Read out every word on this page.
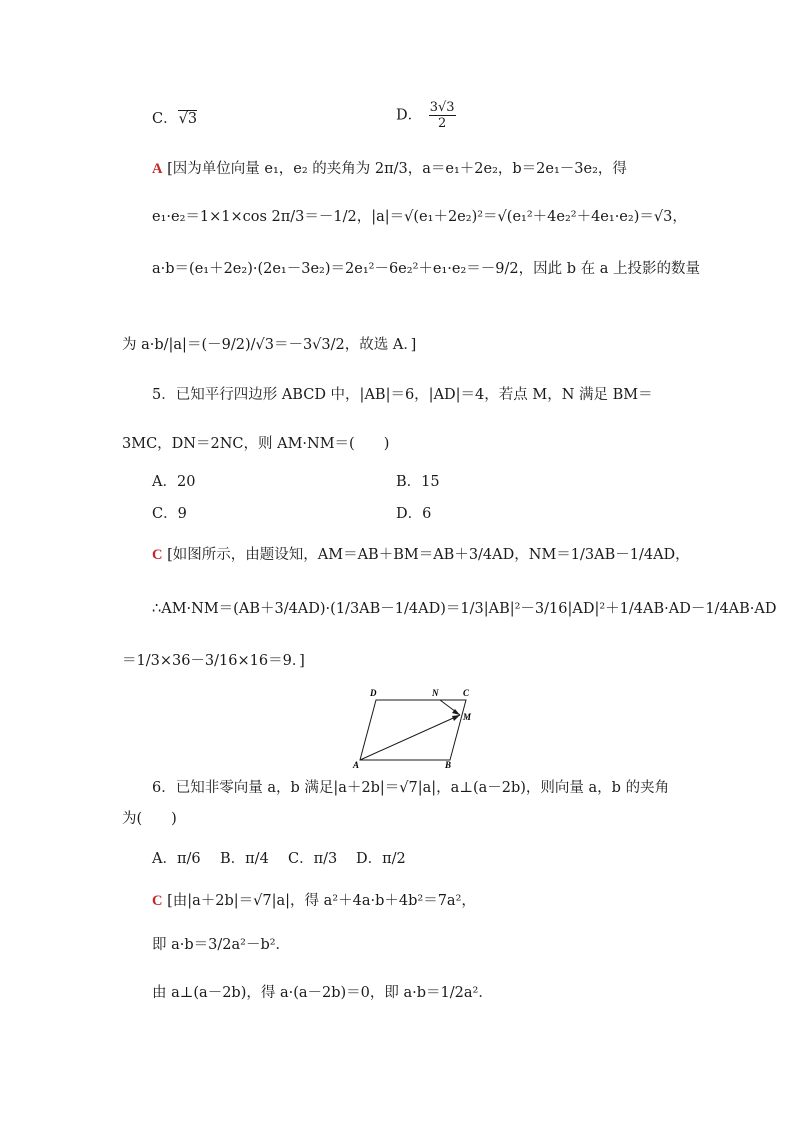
C．√3	D． $\frac{3√3}{2}$
A [因为单位向量 e₁，e₂ 的夹角为 2π/3，a＝e₁＋2e₂，b＝2e₁－3e₂，得
e₁·e₂＝1×1×cos 2π/3＝－1/2，|a|＝√(e₁＋2e₂)²＝√(e₁²＋4e₂²＋4e₁·e₂)＝√3，
a·b＝(e₁＋2e₂)·(2e₁－3e₂)＝2e₁²－6e₂²＋e₁·e₂＝－9/2，因此 b 在 a 上投影的数量
为 a·b/|a|＝(－9/2)/√3＝－3√3/2，故选 A．]
5．已知平行四边形 ABCD 中，|AB|＝6，|AD|＝4，若点 M，N 满足 BM＝
3MC，DN＝2NC，则 AM·NM＝(　　)
A．20	B．15
C．9	D．6
C [如图所示，由题设知，AM＝AB＋BM＝AB＋3/4AD，NM＝1/3AB－1/4AD，
∴AM·NM＝(AB＋3/4AD)·(1/3AB－1/4AD)＝1/3|AB|²－3/16|AD|²＋1/4AB·AD－1/4AB·AD
＝1/3×36－3/16×16＝9．]
A	B
C
D	N
M
6．已知非零向量 a，b 满足|a＋2b|＝√7|a|，a⊥(a－2b)，则向量 a，b 的夹角
为(　　)
A．π/6 B．π/4 C．π/3 D．π/2
C [由|a＋2b|＝√7|a|，得 a²＋4a·b＋4b²＝7a²，
即 a·b＝3/2a²－b²．
由 a⊥(a－2b)，得 a·(a－2b)＝0，即 a·b＝1/2a²．
